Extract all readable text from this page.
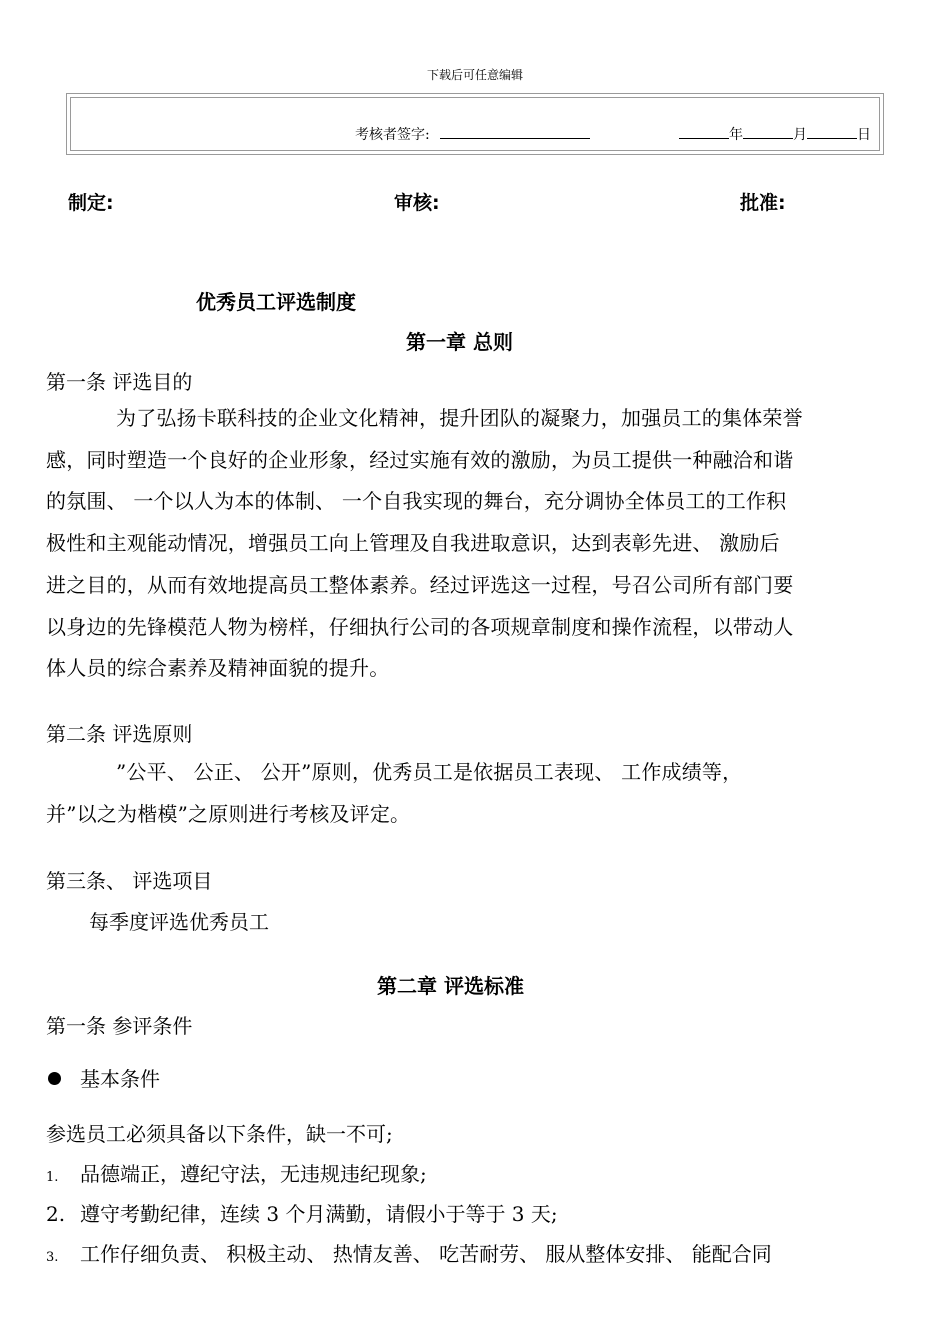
下载后可任意编辑
考核者签字:	年	月	日
制定:	审核:	批准:
优秀员工评选制度
第一章 总则
第一条 评选目的
为了弘扬卡联科技的企业文化精神，提升团队的凝聚力，加强员工的集体荣誉
感，同时塑造一个良好的企业形象，经过实施有效的激励，为员工提供一种融洽和谐
的氛围、 一个以人为本的体制、 一个自我实现的舞台，充分调协全体员工的工作积
极性和主观能动情况，增强员工向上管理及自我进取意识，达到表彰先进、 激励后
进之目的，从而有效地提高员工整体素养。经过评选这一过程，号召公司所有部门要
以身边的先锋模范人物为榜样，仔细执行公司的各项规章制度和操作流程，以带动人
体人员的综合素养及精神面貌的提升。
第二条 评选原则
”公平、 公正、 公开”原则，优秀员工是依据员工表现、 工作成绩等，
并”以之为楷模”之原则进行考核及评定。
第三条、 评选项目
每季度评选优秀员工
第二章 评选标准
第一条 参评条件
基本条件
参选员工必须具备以下条件，缺一不可;
1. 品德端正，遵纪守法，无违规违纪现象;
2. 遵守考勤纪律，连续 3 个月满勤，请假小于等于 3 天;
3. 工作仔细负责、 积极主动、 热情友善、 吃苦耐劳、 服从整体安排、 能配合同
